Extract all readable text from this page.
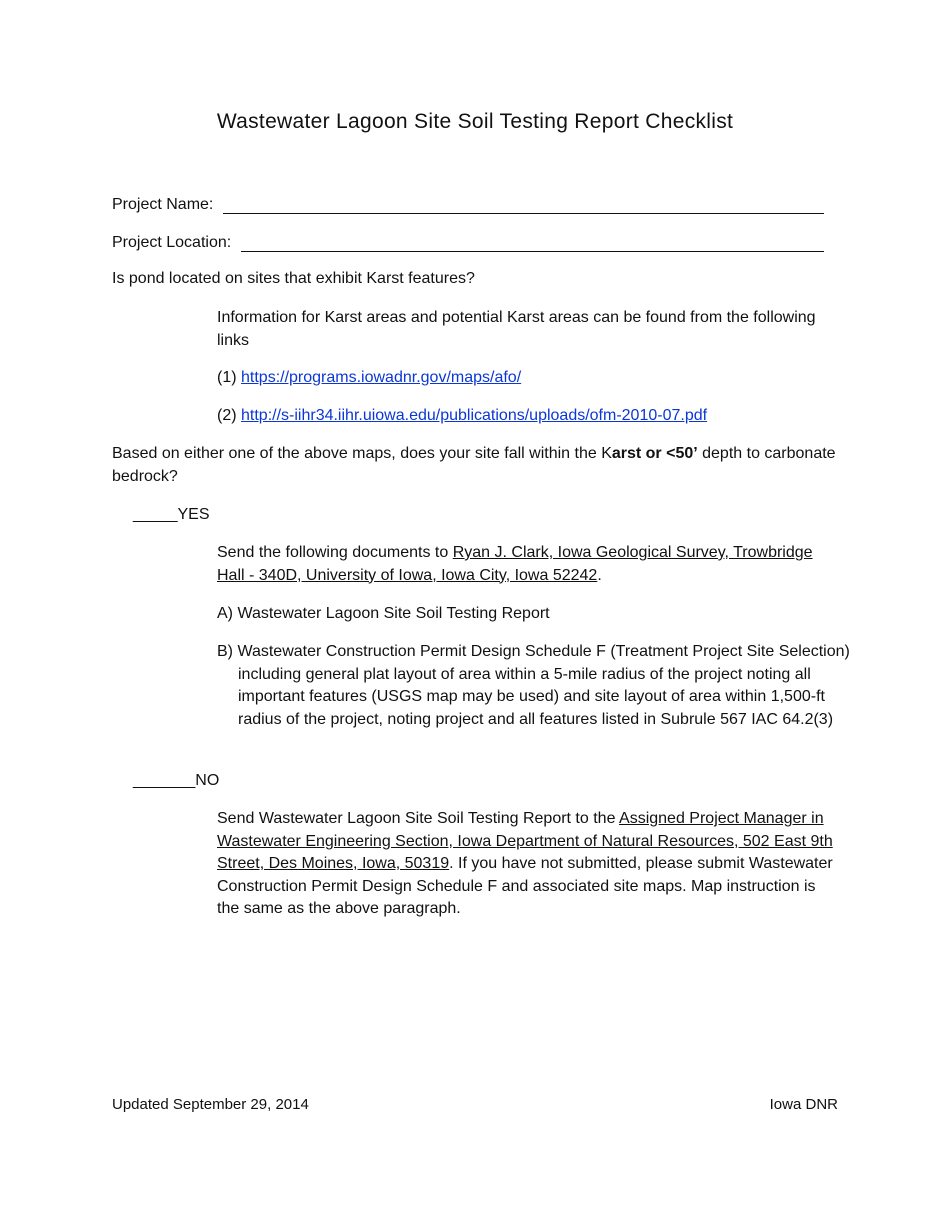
Wastewater Lagoon Site Soil Testing Report Checklist
Project Name:
Project Location:
Is pond located on sites that exhibit Karst features?
Information for Karst areas and potential Karst areas can be found from the following links
(1) https://programs.iowadnr.gov/maps/afo/
(2) http://s-iihr34.iihr.uiowa.edu/publications/uploads/ofm-2010-07.pdf
Based on either one of the above maps, does your site fall within the Karst or <50’ depth to carbonate bedrock?
_____YES
Send the following documents to Ryan J. Clark, Iowa Geological Survey, Trowbridge Hall - 340D, University of Iowa, Iowa City, Iowa 52242.
A) Wastewater Lagoon Site Soil Testing Report
B) Wastewater Construction Permit Design Schedule F (Treatment Project Site Selection) including general plat layout of area within a 5-mile radius of the project noting all important features (USGS map may be used) and site layout of area within 1,500-ft radius of the project, noting project and all features listed in Subrule 567 IAC 64.2(3)
_______NO
Send Wastewater Lagoon Site Soil Testing Report to the Assigned Project Manager in Wastewater Engineering Section, Iowa Department of Natural Resources, 502 East 9th Street, Des Moines, Iowa, 50319. If you have not submitted, please submit Wastewater Construction Permit Design Schedule F and associated site maps. Map instruction is the same as the above paragraph.
Updated September 29, 2014	Iowa DNR
